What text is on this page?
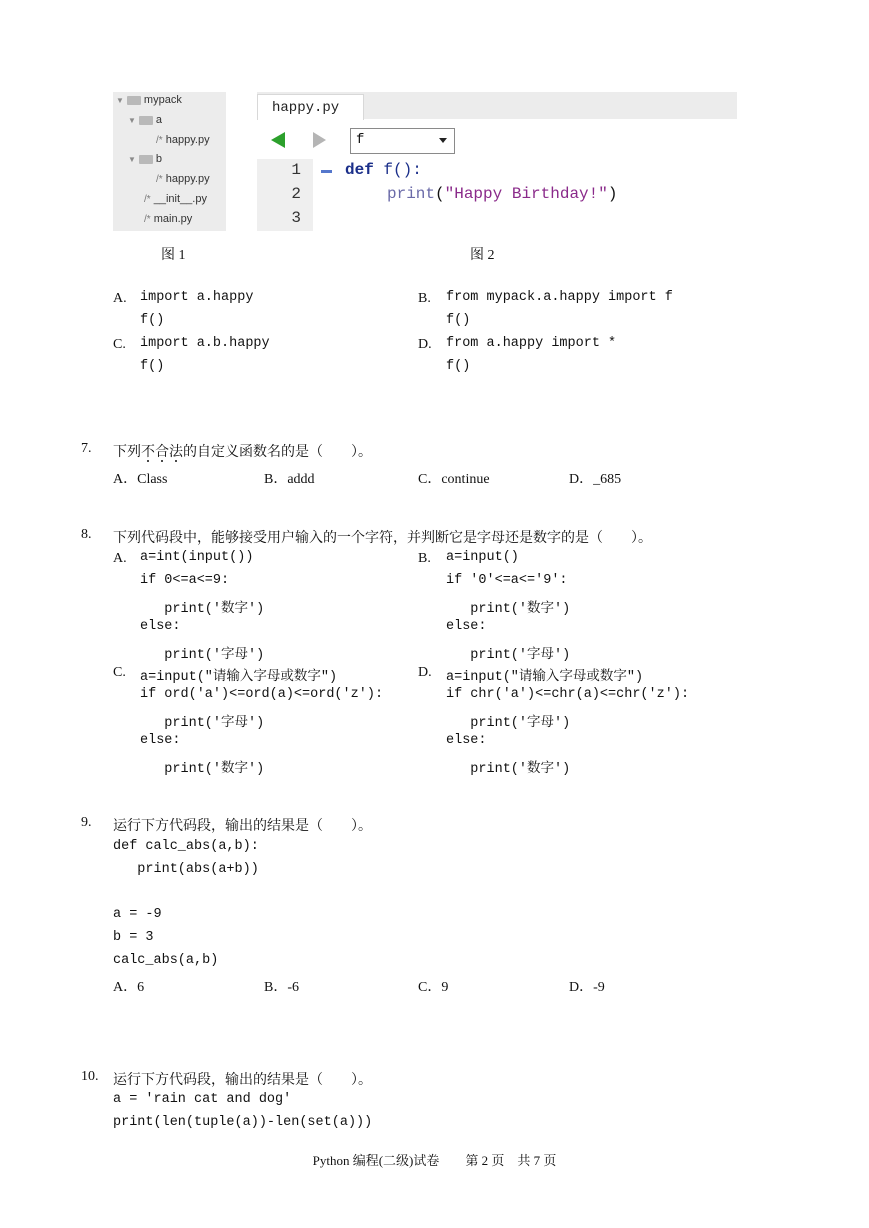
▼ mypack
▼ a
/* happy.py
▼ b
/* happy.py
/* __init__.py
/* main.py
happy.py
f
1
2
3
def f():
print("Happy Birthday!")
图 1	图 2
A. import a.happy
f()
B. from mypack.a.happy import f
f()
C. import a.b.happy
f()
D. from a.happy import *
f()
7. 下列不合法的自定义函数名的是（　　）。
A．Class	B．addd	C．continue	D．_685
8. 下列代码段中，能够接受用户输入的一个字符，并判断它是字母还是数字的是（　　）。
A. a=int(input())
if 0<=a<=9:
print('数字')
else:
print('字母')
B. a=input()
if '0'<=a<='9':
print('数字')
else:
print('字母')
C. a=input("请输入字母或数字")
if ord('a')<=ord(a)<=ord('z'):
print('字母')
else:
print('数字')
D. a=input("请输入字母或数字")
if chr('a')<=chr(a)<=chr('z'):
print('字母')
else:
print('数字')
9. 运行下方代码段，输出的结果是（　　）。
def calc_abs(a,b):
print(abs(a+b))
a = -9
b = 3
calc_abs(a,b)
A．6	B．-6	C．9	D．-9
10. 运行下方代码段，输出的结果是（　　）。
a = 'rain cat and dog'
print(len(tuple(a))-len(set(a)))
Python 编程(二级)试卷　　第 2 页　共 7 页
